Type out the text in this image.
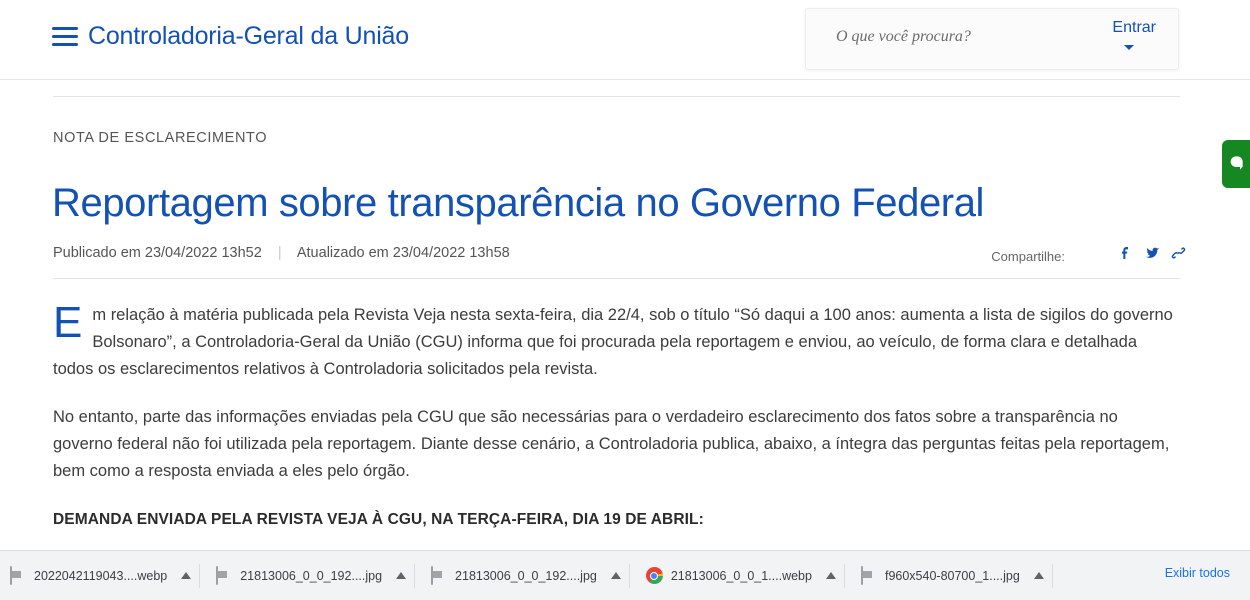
Controladoria-Geral da União
O que você procura?	Entrar
NOTA DE ESCLARECIMENTO
Reportagem sobre transparência no Governo Federal
Publicado em 23/04/2022 13h52 | Atualizado em 23/04/2022 13h58	Compartilhe:

Em relação à matéria publicada pela Revista Veja nesta sexta-feira, dia 22/4, sob o título “Só daqui a 100 anos: aumenta a lista de sigilos do governo Bolsonaro”, a Controladoria-Geral da União (CGU) informa que foi procurada pela reportagem e enviou, ao veículo, de forma clara e detalhada todos os esclarecimentos relativos à Controladoria solicitados pela revista.

No entanto, parte das informações enviadas pela CGU que são necessárias para o verdadeiro esclarecimento dos fatos sobre a transparência no governo federal não foi utilizada pela reportagem. Diante desse cenário, a Controladoria publica, abaixo, a íntegra das perguntas feitas pela reportagem, bem como a resposta enviada a eles pelo órgão.

DEMANDA ENVIADA PELA REVISTA VEJA À CGU, NA TERÇA-FEIRA, DIA 19 DE ABRIL:

2022042119043....webp	21813006_0_0_192....jpg	21813006_0_0_192....jpg	21813006_0_0_1....webp	f960x540-80700_1....jpg	Exibir todos
